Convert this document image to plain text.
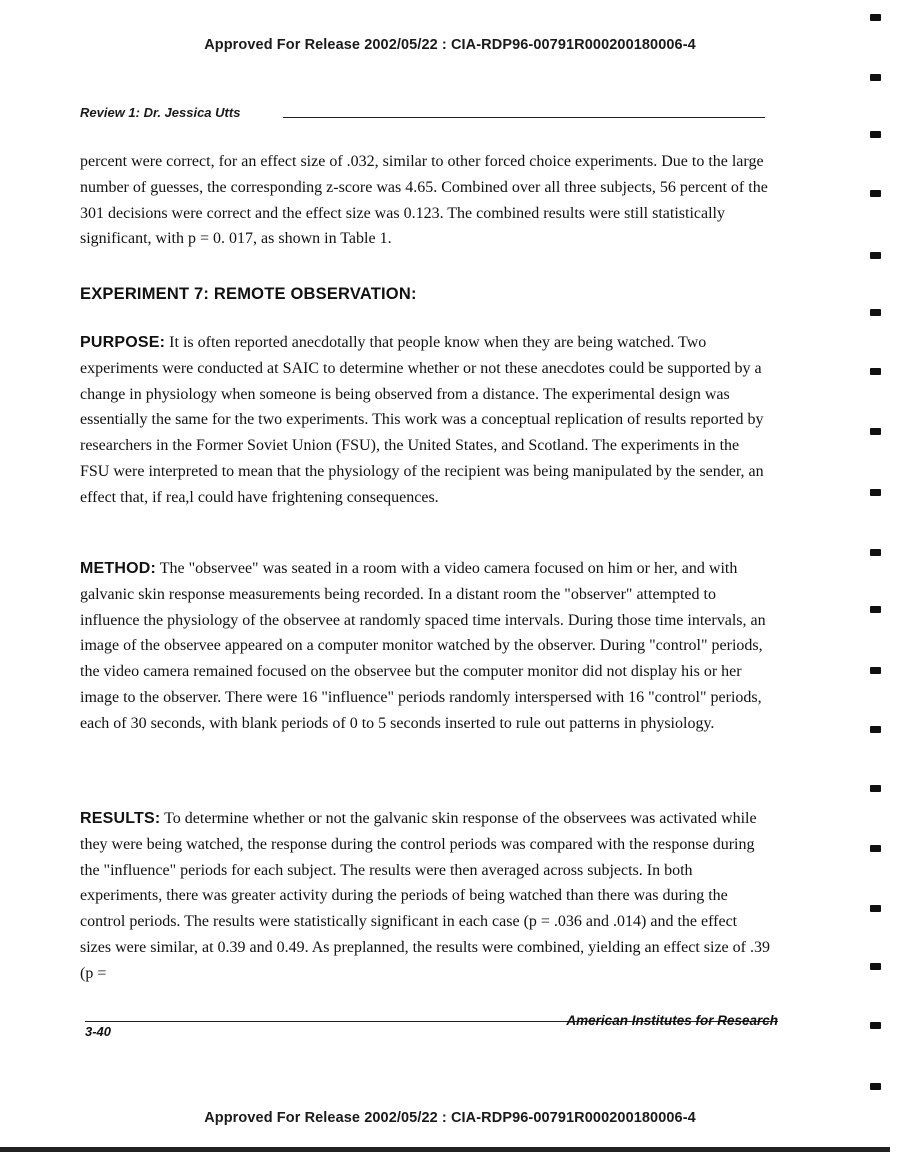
Approved For Release 2002/05/22 : CIA-RDP96-00791R000200180006-4
Review 1: Dr. Jessica Utts

percent were correct, for an effect size of .032, similar to other forced choice experiments. Due to the large number of guesses, the corresponding z-score was 4.65. Combined over all three subjects, 56 percent of the 301 decisions were correct and the effect size was 0.123. The combined results were still statistically significant, with p = 0. 017, as shown in Table 1.

EXPERIMENT 7: REMOTE OBSERVATION:

PURPOSE: It is often reported anecdotally that people know when they are being watched. Two experiments were conducted at SAIC to determine whether or not these anecdotes could be supported by a change in physiology when someone is being observed from a distance. The experimental design was essentially the same for the two experiments. This work was a conceptual replication of results reported by researchers in the Former Soviet Union (FSU), the United States, and Scotland. The experiments in the FSU were interpreted to mean that the physiology of the recipient was being manipulated by the sender, an effect that, if rea,l could have frightening consequences.

METHOD: The "observee" was seated in a room with a video camera focused on him or her, and with galvanic skin response measurements being recorded. In a distant room the "observer" attempted to influence the physiology of the observee at randomly spaced time intervals. During those time intervals, an image of the observee appeared on a computer monitor watched by the observer. During "control" periods, the video camera remained focused on the observee but the computer monitor did not display his or her image to the observer. There were 16 "influence" periods randomly interspersed with 16 "control" periods, each of 30 seconds, with blank periods of 0 to 5 seconds inserted to rule out patterns in physiology.

RESULTS: To determine whether or not the galvanic skin response of the observees was activated while they were being watched, the response during the control periods was compared with the response during the "influence" periods for each subject. The results were then averaged across subjects. In both experiments, there was greater activity during the periods of being watched than there was during the control periods. The results were statistically significant in each case (p = .036 and .014) and the effect sizes were similar, at 0.39 and 0.49. As preplanned, the results were combined, yielding an effect size of .39 (p =

3-40
American Institutes for Research
Approved For Release 2002/05/22 : CIA-RDP96-00791R000200180006-4
